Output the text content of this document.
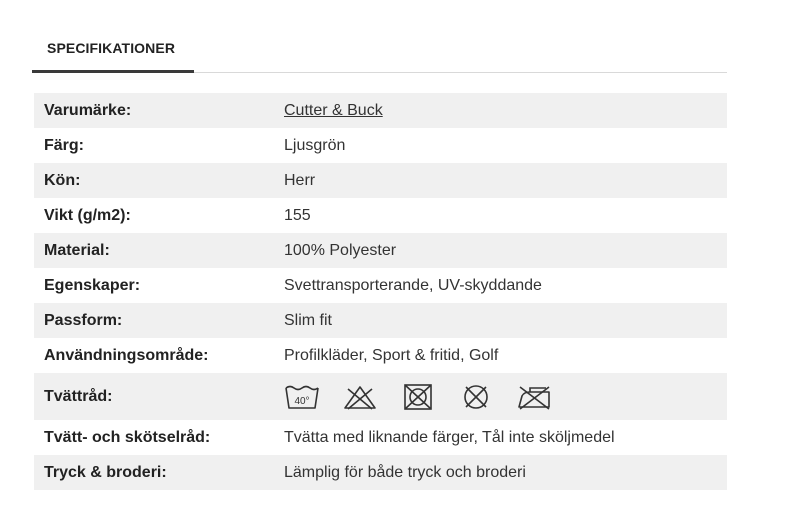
SPECIFIKATIONER
Varumärke:	Cutter & Buck
Färg:	Ljusgrön
Kön:	Herr
Vikt (g/m2):	155
Material:	100% Polyester
Egenskaper:	Svettransporterande, UV-skyddande
Passform:	Slim fit
Användningsområde:	Profilkläder, Sport & fritid, Golf
Tvättråd:	40°
Tvätt- och skötselråd:	Tvätta med liknande färger, Tål inte sköljmedel
Tryck & broderi:	Lämplig för både tryck och broderi
